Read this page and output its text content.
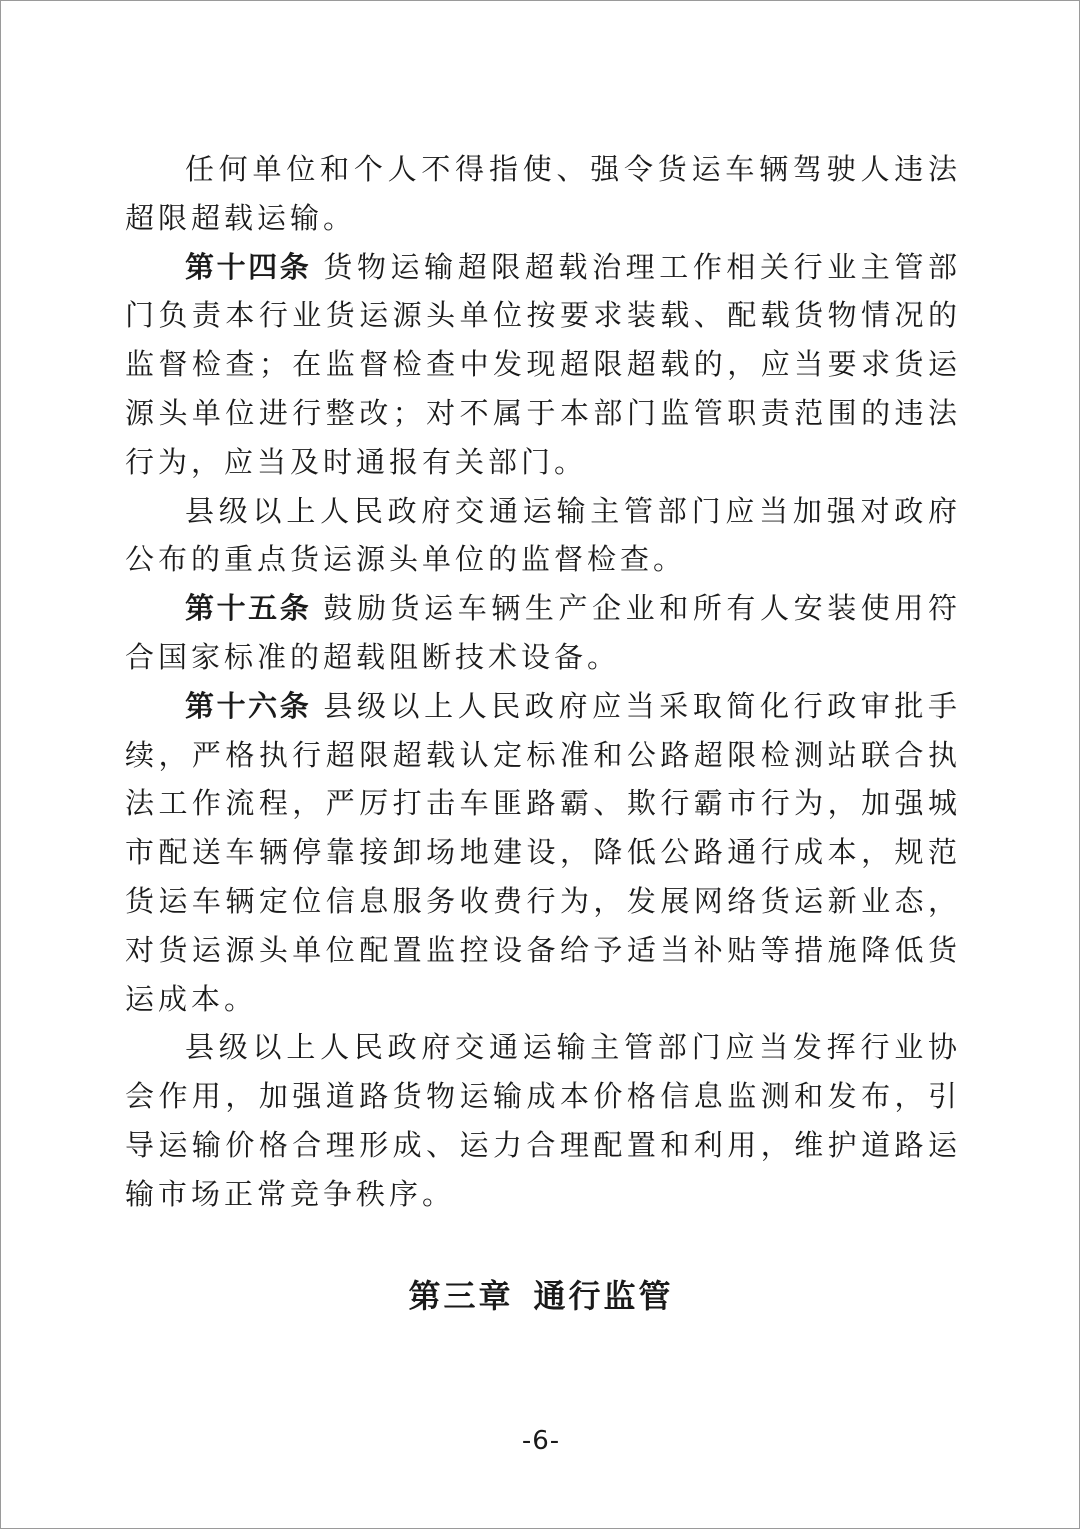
任何单位和个人不得指使、强令货运车辆驾驶人违法超限超载运输。

第十四条 货物运输超限超载治理工作相关行业主管部门负责本行业货运源头单位按要求装载、配载货物情况的监督检查；在监督检查中发现超限超载的，应当要求货运源头单位进行整改；对不属于本部门监管职责范围的违法行为，应当及时通报有关部门。

县级以上人民政府交通运输主管部门应当加强对政府公布的重点货运源头单位的监督检查。

第十五条 鼓励货运车辆生产企业和所有人安装使用符合国家标准的超载阻断技术设备。

第十六条 县级以上人民政府应当采取简化行政审批手续，严格执行超限超载认定标准和公路超限检测站联合执法工作流程，严厉打击车匪路霸、欺行霸市行为，加强城市配送车辆停靠接卸场地建设，降低公路通行成本，规范货运车辆定位信息服务收费行为，发展网络货运新业态，对货运源头单位配置监控设备给予适当补贴等措施降低货运成本。

县级以上人民政府交通运输主管部门应当发挥行业协会作用，加强道路货物运输成本价格信息监测和发布，引导运输价格合理形成、运力合理配置和利用，维护道路运输市场正常竞争秩序。

第三章 通行监管
-6-
